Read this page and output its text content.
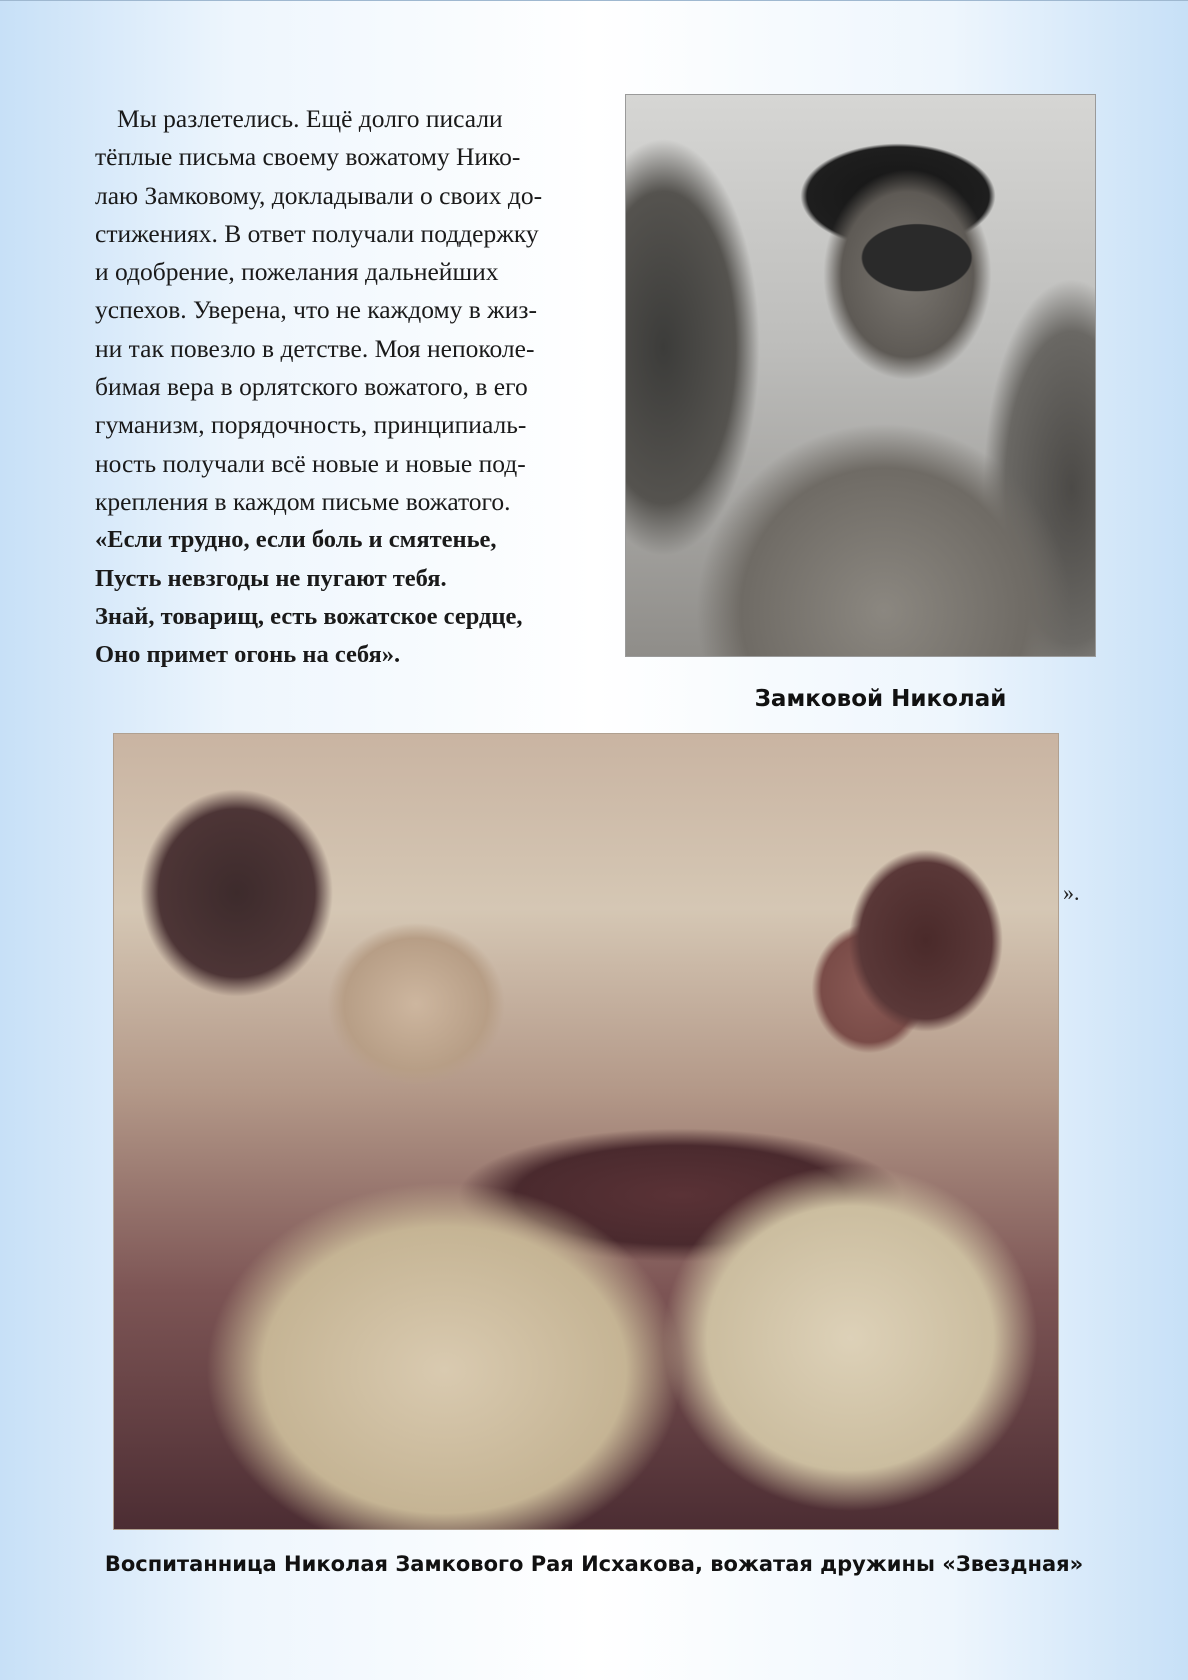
Мы разлетелись. Ещё долго писали
тёплые письма своему вожатому Нико-
лаю Замковому, докладывали о своих до-
стижениях. В ответ получали поддержку
и одобрение, пожелания дальнейших
успехов. Уверена, что не каждому в жиз-
ни так повезло в детстве. Моя непоколе-
бимая вера в орлятского вожатого, в его
гуманизм, порядочность, принципиаль-
ность получали всё новые и новые под-
крепления в каждом письме вожатого.
«Если трудно, если боль и смятенье,
Пусть невзгоды не пугают тебя.
Знай, товарищ, есть вожатское сердце,
Оно примет огонь на себя».
Замковой Николай
».
Воспитанница Николая Замкового Рая Исхакова, вожатая дружины «Звездная»
